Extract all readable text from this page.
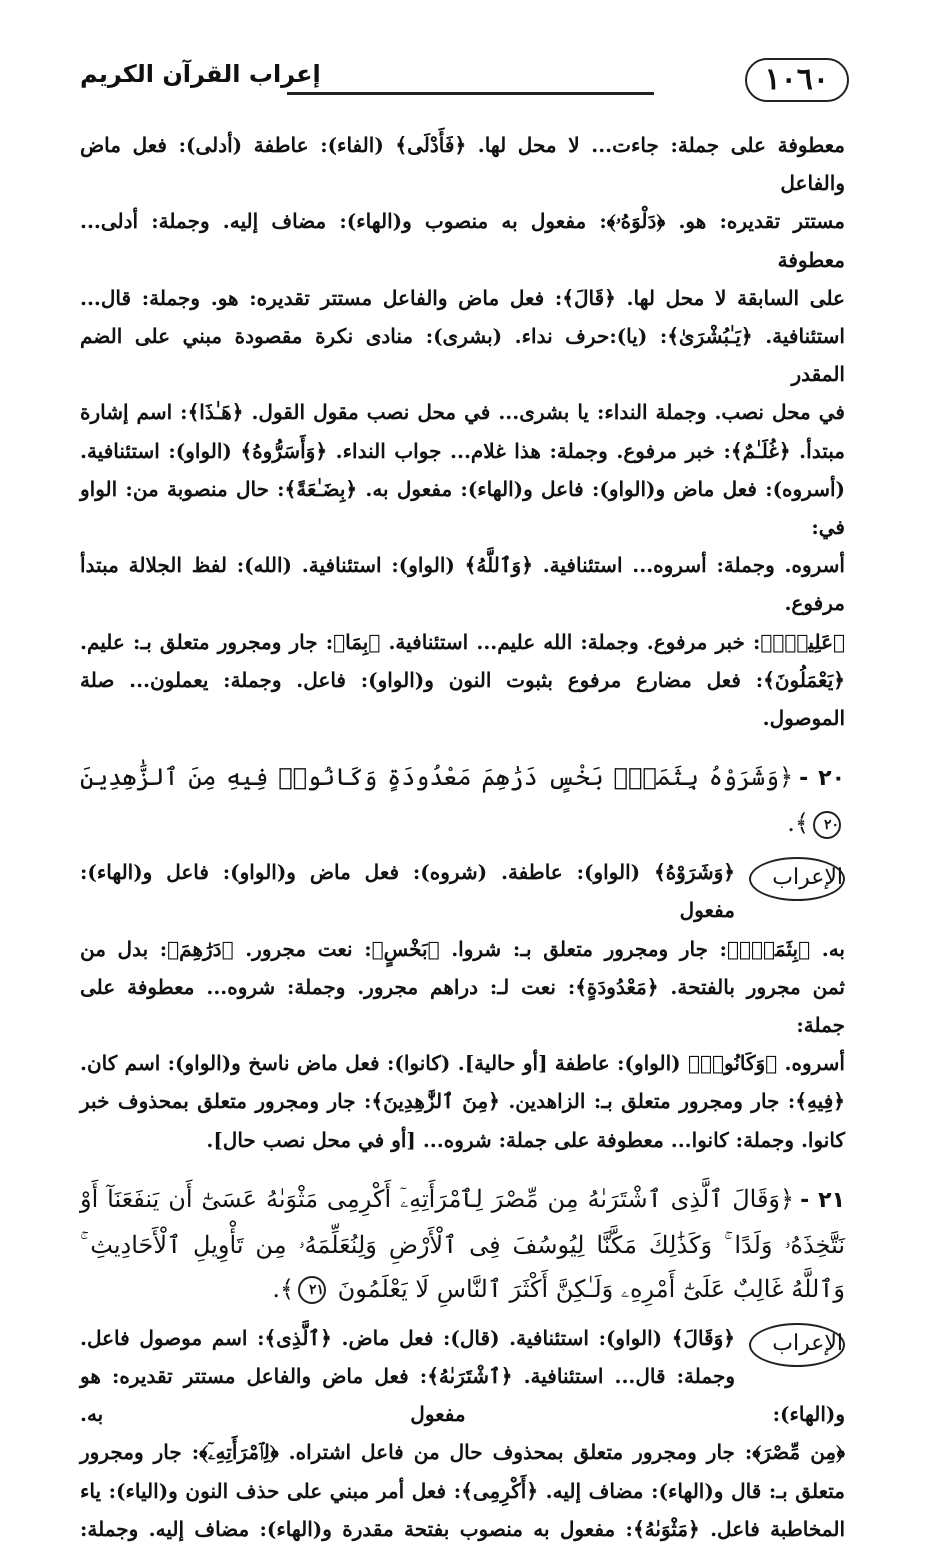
١٠٦٠
إعراب القرآن الكريم

معطوفة على جملة: جاءت... لا محل لها. ﴿فَأَدْلَى﴾ (الفاء): عاطفة (أدلى): فعل ماض والفاعل

مستتر تقديره: هو. ﴿دَلْوَهُۥ﴾: مفعول به منصوب و(الهاء): مضاف إليه. وجملة: أدلى... معطوفة

على السابقة لا محل لها. ﴿قَالَ﴾: فعل ماض والفاعل مستتر تقديره: هو. وجملة: قال...

استئنافية. ﴿يَـٰبُشْرَىٰ﴾: (يا):حرف نداء. (بشرى): منادى نكرة مقصودة مبني على الضم المقدر

في محل نصب. وجملة النداء: يا بشرى... في محل نصب مقول القول. ﴿هَـٰذَا﴾: اسم إشارة

مبتدأ. ﴿غُلَـٰمٌ﴾: خبر مرفوع. وجملة: هذا غلام... جواب النداء. ﴿وَأَسَرُّوهُ﴾ (الواو): استئنافية.

(أسروه): فعل ماض و(الواو): فاعل و(الهاء): مفعول به. ﴿بِضَـٰعَةً﴾: حال منصوبة من: الواو في:

أسروه. وجملة: أسروه... استئنافية. ﴿وَٱللَّهُ﴾ (الواو): استئنافية. (الله): لفظ الجلالة مبتدأ مرفوع.

﴿عَلِيمٌۢ﴾: خبر مرفوع. وجملة: الله عليم... استئنافية. ﴿بِمَا﴾: جار ومجرور متعلق بـ: عليم.

﴿يَعْمَلُونَ﴾: فعل مضارع مرفوع بثبوت النون و(الواو): فاعل. وجملة: يعملون... صلة الموصول.

٢٠ -﴿وَشَرَوْهُ بِثَمَنٍۭ بَخْسٍ دَرَٰهِمَ مَعْدُودَةٍ وَكَانُوا۟ فِيهِ مِنَ ٱلزَّٰهِدِينَ ٢٠﴾.

الإعراب

﴿وَشَرَوْهُ﴾ (الواو): عاطفة. (شروه): فعل ماض و(الواو): فاعل و(الهاء): مفعول

به. ﴿بِثَمَنٍۭ﴾: جار ومجرور متعلق بـ: شروا. ﴿بَخْسٍ﴾: نعت مجرور. ﴿دَرَٰهِمَ﴾: بدل من

ثمن مجرور بالفتحة. ﴿مَعْدُودَةٍ﴾: نعت لـ: دراهم مجرور. وجملة: شروه... معطوفة على جملة:

أسروه. ﴿وَكَانُوا۟﴾ (الواو): عاطفة [أو حالية]. (كانوا): فعل ماض ناسخ و(الواو): اسم كان.

﴿فِيهِ﴾: جار ومجرور متعلق بـ: الزاهدين. ﴿مِنَ ٱلزَّٰهِدِينَ﴾: جار ومجرور متعلق بمحذوف خبر

كانوا. وجملة: كانوا... معطوفة على جملة: شروه... [أو في محل نصب حال].

٢١ -﴿وَقَالَ ٱلَّذِى ٱشْتَرَىٰهُ مِن مِّصْرَ لِٱمْرَأَتِهِۦٓ أَكْرِمِى مَثْوَىٰهُ عَسَىٰٓ أَن يَنفَعَنَآ أَوْ نَتَّخِذَهُۥ وَلَدًا ۚ وَكَذَٰلِكَ مَكَّنَّا لِيُوسُفَ فِى ٱلْأَرْضِ وَلِنُعَلِّمَهُۥ مِن تَأْوِيلِ ٱلْأَحَادِيثِ ۚ وَٱللَّهُ غَالِبٌ عَلَىٰٓ أَمْرِهِۦ وَلَـٰكِنَّ أَكْثَرَ ٱلنَّاسِ لَا يَعْلَمُونَ ٢١﴾.

الإعراب

﴿وَقَالَ﴾ (الواو): استئنافية. (قال): فعل ماض. ﴿ٱلَّذِى﴾: اسم موصول فاعل.

وجملة: قال... استئنافية. ﴿ٱشْتَرَىٰهُ﴾: فعل ماض والفاعل مستتر تقديره: هو و(الهاء): مفعول به.

﴿مِن مِّصْرَ﴾: جار ومجرور متعلق بمحذوف حال من فاعل اشتراه. ﴿لِٱمْرَأَتِهِۦٓ﴾: جار ومجرور

متعلق بـ: قال و(الهاء): مضاف إليه. ﴿أَكْرِمِى﴾: فعل أمر مبني على حذف النون و(الياء): ياء

المخاطبة فاعل. ﴿مَثْوَىٰهُ﴾: مفعول به منصوب بفتحة مقدرة و(الهاء): مضاف إليه. وجملة:
